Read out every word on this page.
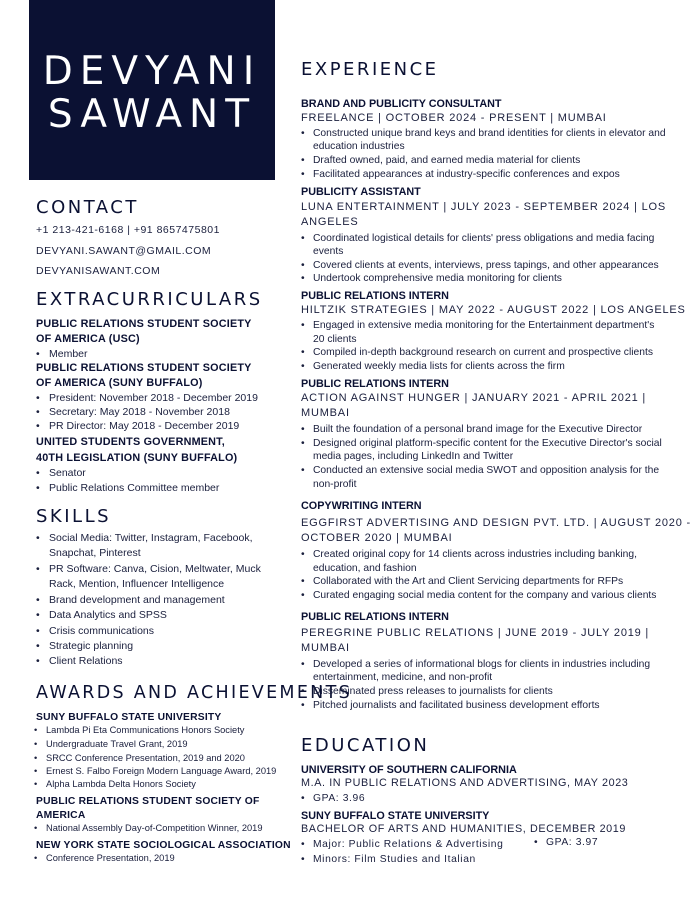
DEVYANI
SAWANT
CONTACT
+1 213-421-6168 | +91 8657475801
DEVYANI.SAWANT@GMAIL.COM
DEVYANISAWANT.COM
EXTRACURRICULARS
PUBLIC RELATIONS STUDENT SOCIETY
OF AMERICA (USC)
• Member
PUBLIC RELATIONS STUDENT SOCIETY
OF AMERICA (SUNY BUFFALO)
• President: November 2018 - December 2019
• Secretary: May 2018 - November 2018
• PR Director: May 2018 - December 2019
UNITED STUDENTS GOVERNMENT,
40TH LEGISLATION (SUNY BUFFALO)
• Senator
• Public Relations Committee member
SKILLS
• Social Media: Twitter, Instagram, Facebook,
Snapchat, Pinterest
• PR Software: Canva, Cision, Meltwater, Muck
Rack, Mention, Influencer Intelligence
• Brand development and management
• Data Analytics and SPSS
• Crisis communications
• Strategic planning
• Client Relations
AWARDS AND ACHIEVEMENTS
SUNY BUFFALO STATE UNIVERSITY
• Lambda Pi Eta Communications Honors Society
• Undergraduate Travel Grant, 2019
• SRCC Conference Presentation, 2019 and 2020
• Ernest S. Falbo Foreign Modern Language Award, 2019
• Alpha Lambda Delta Honors Society
PUBLIC RELATIONS STUDENT SOCIETY OF
AMERICA
• National Assembly Day-of-Competition Winner, 2019
NEW YORK STATE SOCIOLOGICAL ASSOCIATION
• Conference Presentation, 2019
EXPERIENCE
BRAND AND PUBLICITY CONSULTANT
FREELANCE | OCTOBER 2024 - PRESENT | MUMBAI
• Constructed unique brand keys and brand identities for clients in elevator and
education industries
• Drafted owned, paid, and earned media material for clients
• Facilitated appearances at industry-specific conferences and expos
PUBLICITY ASSISTANT
LUNA ENTERTAINMENT | JULY 2023 - SEPTEMBER 2024 | LOS
ANGELES
• Coordinated logistical details for clients' press obligations and media facing
events
• Covered clients at events, interviews, press tapings, and other appearances
• Undertook comprehensive media monitoring for clients
PUBLIC RELATIONS INTERN
HILTZIK STRATEGIES | MAY 2022 - AUGUST 2022 | LOS ANGELES
• Engaged in extensive media monitoring for the Entertainment department's
20 clients
• Compiled in-depth background research on current and prospective clients
• Generated weekly media lists for clients across the firm
PUBLIC RELATIONS INTERN
ACTION AGAINST HUNGER | JANUARY 2021 - APRIL 2021 |
MUMBAI
• Built the foundation of a personal brand image for the Executive Director
• Designed original platform-specific content for the Executive Director's social
media pages, including LinkedIn and Twitter
• Conducted an extensive social media SWOT and opposition analysis for the
non-profit
COPYWRITING INTERN
EGGFIRST ADVERTISING AND DESIGN PVT. LTD. | AUGUST 2020 -
OCTOBER 2020 | MUMBAI
• Created original copy for 14 clients across industries including banking,
education, and fashion
• Collaborated with the Art and Client Servicing departments for RFPs
• Curated engaging social media content for the company and various clients
PUBLIC RELATIONS INTERN
PEREGRINE PUBLIC RELATIONS | JUNE 2019 - JULY 2019 |
MUMBAI
• Developed a series of informational blogs for clients in industries including
entertainment, medicine, and non-profit
• Disseminated press releases to journalists for clients
• Pitched journalists and facilitated business development efforts
EDUCATION
UNIVERSITY OF SOUTHERN CALIFORNIA
M.A. IN PUBLIC RELATIONS AND ADVERTISING, MAY 2023
• GPA: 3.96
SUNY BUFFALO STATE UNIVERSITY
BACHELOR OF ARTS AND HUMANITIES, DECEMBER 2019
• Major: Public Relations & Advertising
•	GPA: 3.97
• Minors: Film Studies and Italian
